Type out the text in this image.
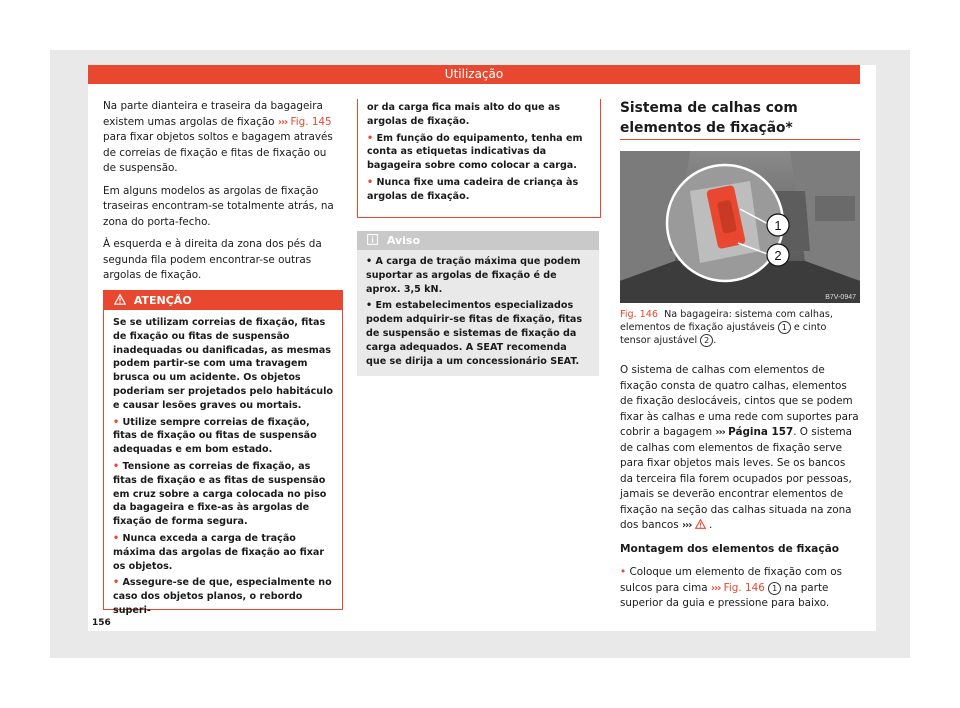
Utilização

Na parte dianteira e traseira da bagageira existem umas argolas de fixação ››› Fig. 145 para fixar objetos soltos e bagagem através de correias de fixação e fitas de fixação ou de suspensão.

Em alguns modelos as argolas de fixação traseiras encontram-se totalmente atrás, na zona do porta-fecho.

À esquerda e à direita da zona dos pés da segunda fila podem encontrar-se outras argolas de fixação.

ATENÇÃO

Se se utilizam correias de fixação, fitas de fixação ou fitas de suspensão inadequadas ou danificadas, as mesmas podem partir-se com uma travagem brusca ou um acidente. Os objetos poderiam ser projetados pelo habitáculo e causar lesões graves ou mortais.

• Utilize sempre correias de fixação, fitas de fixação ou fitas de suspensão adequadas e em bom estado.
• Tensione as correias de fixação, as fitas de fixação e as fitas de suspensão em cruz sobre a carga colocada no piso da bagageira e fixe-as às argolas de fixação de forma segura.
• Nunca exceda a carga de tração máxima das argolas de fixação ao fixar os objetos.
• Assegure-se de que, especialmente no caso dos objetos planos, o rebordo superi-

or da carga fica mais alto do que as argolas de fixação.

• Em função do equipamento, tenha em conta as etiquetas indicativas da bagageira sobre como colocar a carga.
• Nunca fixe uma cadeira de criança às argolas de fixação.
Aviso
• A carga de tração máxima que podem suportar as argolas de fixação é de aprox. 3,5 kN.
• Em estabelecimentos especializados podem adquirir-se fitas de fixação, fitas de suspensão e sistemas de fixação da carga adequados. A SEAT recomenda que se dirija a um concessionário SEAT.
Sistema de calhas com elementos de fixação*
1
2
B7V-0947
Fig. 146 Na bagageira: sistema com calhas, elementos de fixação ajustáveis 1 e cinto tensor ajustável 2 .

O sistema de calhas com elementos de fixação consta de quatro calhas, elementos de fixação deslocáveis, cintos que se podem fixar às calhas e uma rede com suportes para cobrir a bagagem ››› Página 157. O sistema de calhas com elementos de fixação serve para fixar objetos mais leves. Se os bancos da terceira fila forem ocupados por pessoas, jamais se deverão encontrar elementos de fixação na seção das calhas situada na zona dos bancos ››› .

Montagem dos elementos de fixação

• Coloque um elemento de fixação com os sulcos para cima ››› Fig. 146 1 na parte superior da guia e pressione para baixo.

156
